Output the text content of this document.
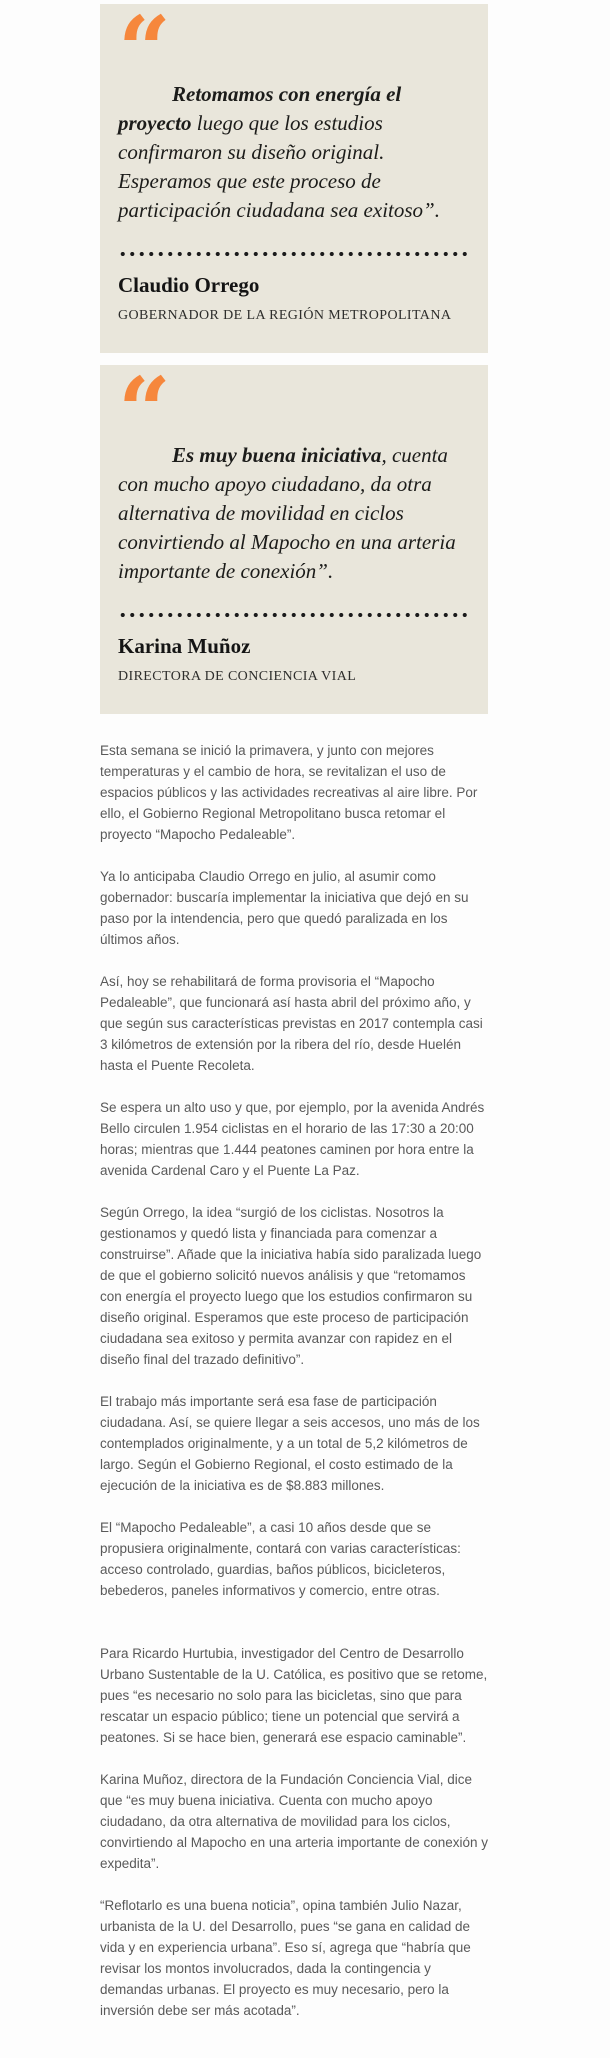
“ Retomamos con energía el proyecto luego que los estudios confirmaron su diseño original. Esperamos que este proceso de participación ciudadana sea exitoso”.

Claudio Orrego
GOBERNADOR DE LA REGIÓN METROPOLITANA
“ Es muy buena iniciativa, cuenta con mucho apoyo ciudadano, da otra alternativa de movilidad en ciclos convirtiendo al Mapocho en una arteria importante de conexión”.

Karina Muñoz
DIRECTORA DE CONCIENCIA VIAL

Esta semana se inició la primavera, y junto con mejores temperaturas y el cambio de hora, se revitalizan el uso de espacios públicos y las actividades recreativas al aire libre. Por ello, el Gobierno Regional Metropolitano busca retomar el proyecto “Mapocho Pedaleable”.

Ya lo anticipaba Claudio Orrego en julio, al asumir como gobernador: buscaría implementar la iniciativa que dejó en su paso por la intendencia, pero que quedó paralizada en los últimos años.

Así, hoy se rehabilitará de forma provisoria el “Mapocho Pedaleable”, que funcionará así hasta abril del próximo año, y que según sus características previstas en 2017 contempla casi 3 kilómetros de extensión por la ribera del río, desde Huelén hasta el Puente Recoleta.

Se espera un alto uso y que, por ejemplo, por la avenida Andrés Bello circulen 1.954 ciclistas en el horario de las 17:30 a 20:00 horas; mientras que 1.444 peatones caminen por hora entre la avenida Cardenal Caro y el Puente La Paz.

Según Orrego, la idea “surgió de los ciclistas. Nosotros la gestionamos y quedó lista y financiada para comenzar a construirse”. Añade que la iniciativa había sido paralizada luego de que el gobierno solicitó nuevos análisis y que “retomamos con energía el proyecto luego que los estudios confirmaron su diseño original. Esperamos que este proceso de participación ciudadana sea exitoso y permita avanzar con rapidez en el diseño final del trazado definitivo”.

El trabajo más importante será esa fase de participación ciudadana. Así, se quiere llegar a seis accesos, uno más de los contemplados originalmente, y a un total de 5,2 kilómetros de largo. Según el Gobierno Regional, el costo estimado de la ejecución de la iniciativa es de $8.883 millones.

El “Mapocho Pedaleable”, a casi 10 años desde que se propusiera originalmente, contará con varias características: acceso controlado, guardias, baños públicos, bicicleteros, bebederos, paneles informativos y comercio, entre otras.

Para Ricardo Hurtubia, investigador del Centro de Desarrollo Urbano Sustentable de la U. Católica, es positivo que se retome, pues “es necesario no solo para las bicicletas, sino que para rescatar un espacio público; tiene un potencial que servirá a peatones. Si se hace bien, generará ese espacio caminable”.

Karina Muñoz, directora de la Fundación Conciencia Vial, dice que “es muy buena iniciativa. Cuenta con mucho apoyo ciudadano, da otra alternativa de movilidad para los ciclos, convirtiendo al Mapocho en una arteria importante de conexión y expedita”.

“Reflotarlo es una buena noticia”, opina también Julio Nazar, urbanista de la U. del Desarrollo, pues “se gana en calidad de vida y en experiencia urbana”. Eso sí, agrega que “habría que revisar los montos involucrados, dada la contingencia y demandas urbanas. El proyecto es muy necesario, pero la inversión debe ser más acotada”.
